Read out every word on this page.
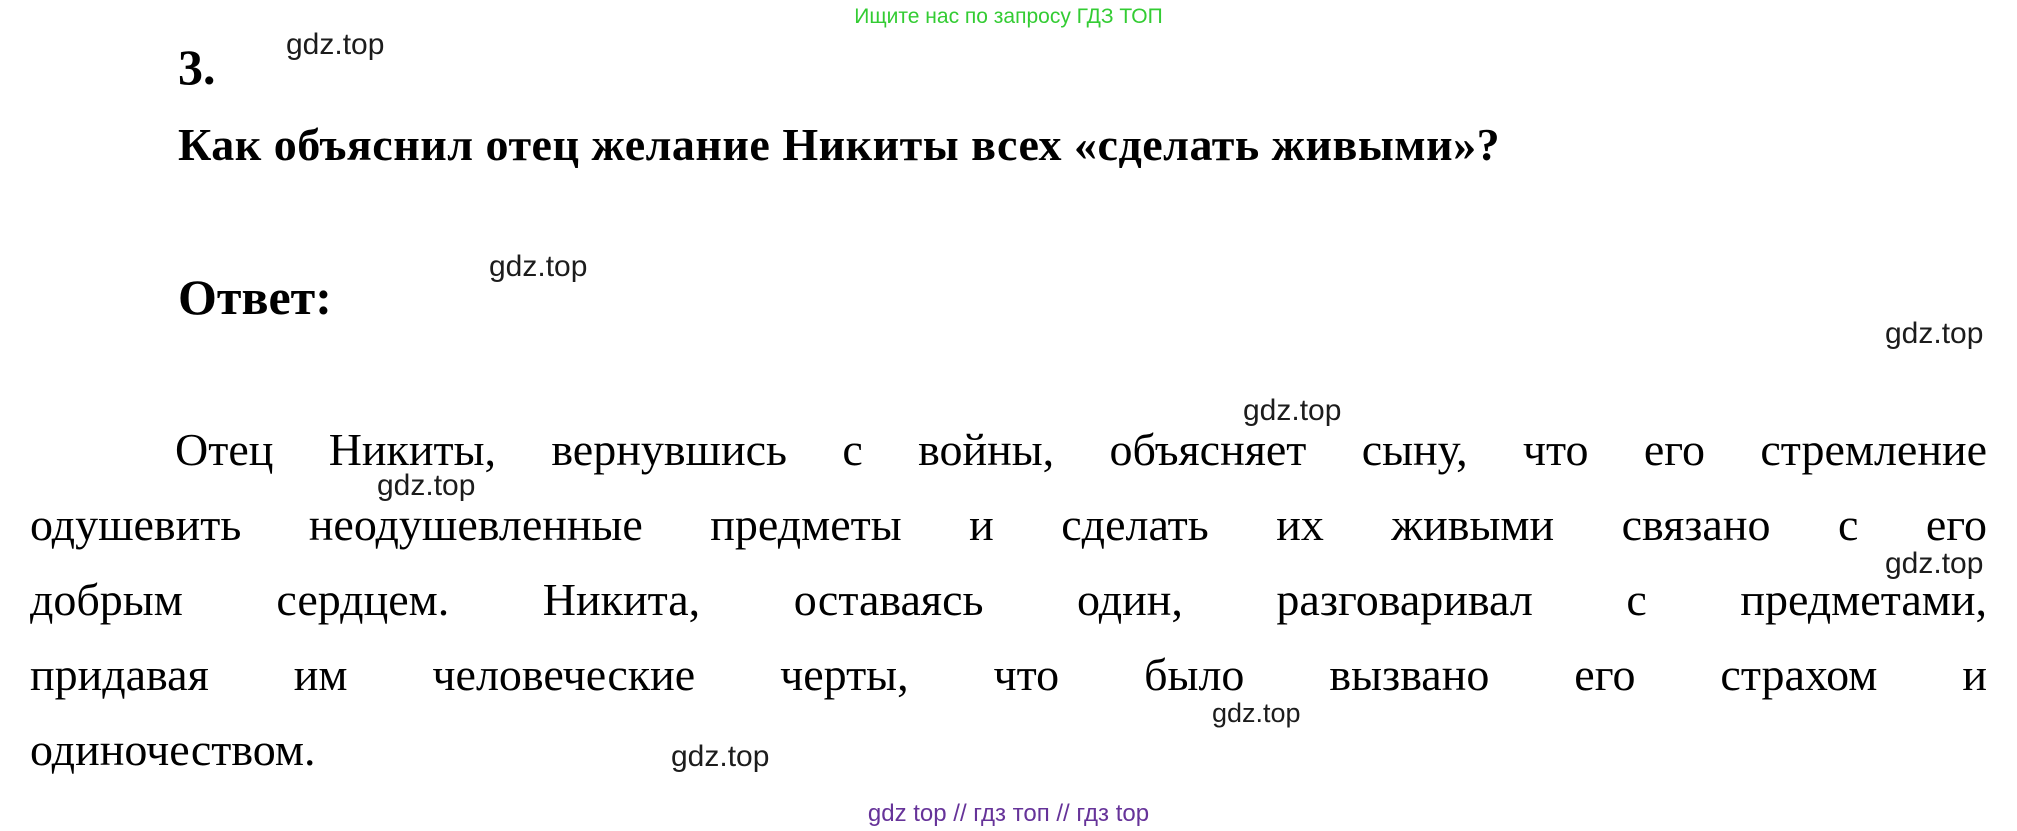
Ищите нас по запросу ГДЗ ТОП
3.
Как объяснил отец желание Никиты всех «сделать живыми»?
Ответ:
Отец Никиты, вернувшись с войны, объясняет сыну, что его стремление
одушевить неодушевленные предметы и сделать их живыми связано с его
добрым сердцем. Никита, оставаясь один, разговаривал с предметами,
придавая им человеческие черты, что было вызвано его страхом и
одиночеством.
gdz.top
gdz.top
gdz.top
gdz.top
gdz.top
gdz.top
gdz.top
gdz.top
gdz top // гдз топ // гдз top
